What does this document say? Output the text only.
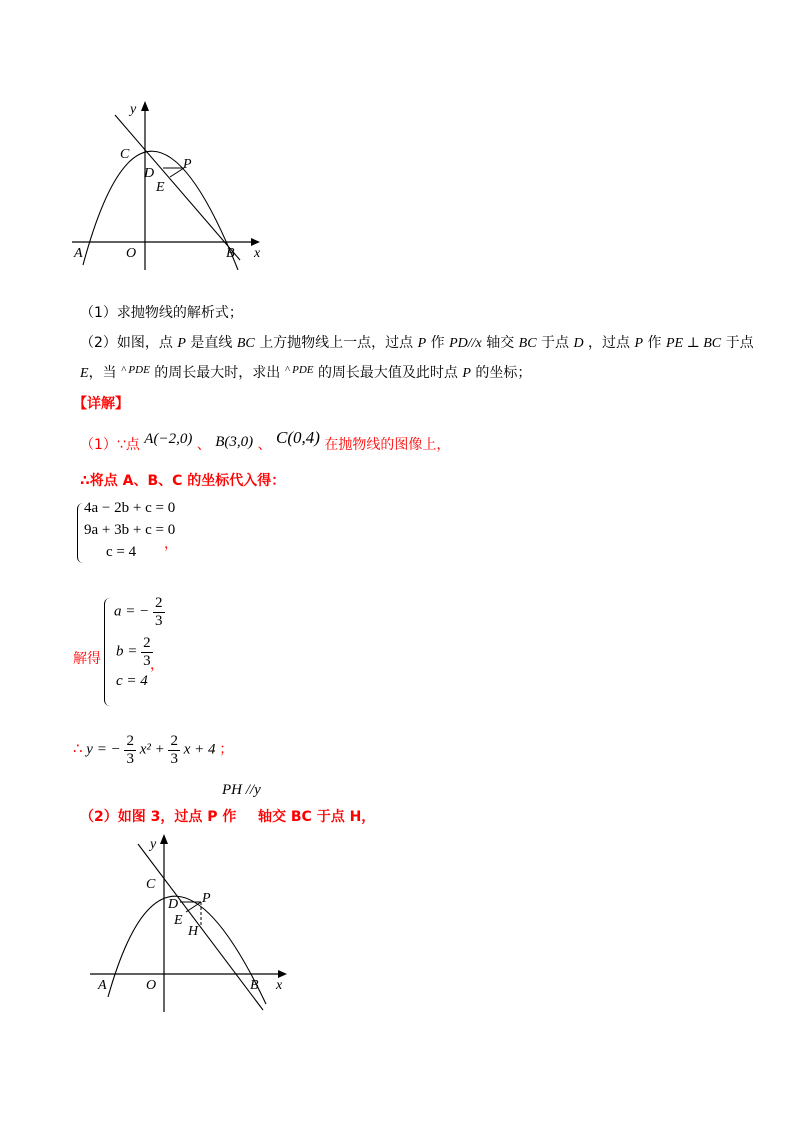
y
C
D
P
E
A	O	B x
（1）求抛物线的解析式；
（2）如图，点 P 是直线 BC 上方抛物线上一点，过点 P 作 PD//x 轴交 BC 于点 D ，过点 P 作 PE ⊥ BC 于点
E，当 $^{\^{} PDE}$ 的周长最大时，求出 $^{\^{} PDE}$ 的周长最大值及此时点 P 的坐标；
【详解】
（1）∵点 A(−2,0) 、 B(3,0) 、 C(0,4) 在抛物线的图像上，
∴将点 A、B、C 的坐标代入得：
4a − 2b + c = 0
9a + 3b + c = 0
c = 4 ，
解得
a = − $\frac{2}{3}$
$b = \frac{2}{3}$
，
c = 4
∴ y = − $\frac{2}{3} x^2 + \frac{2}{3}$ x + 4 ；
（2）如图 3，过点 P 作
PH //y
轴交 BC 于点 H，
y
C
D P
E
H
A	O	B x
